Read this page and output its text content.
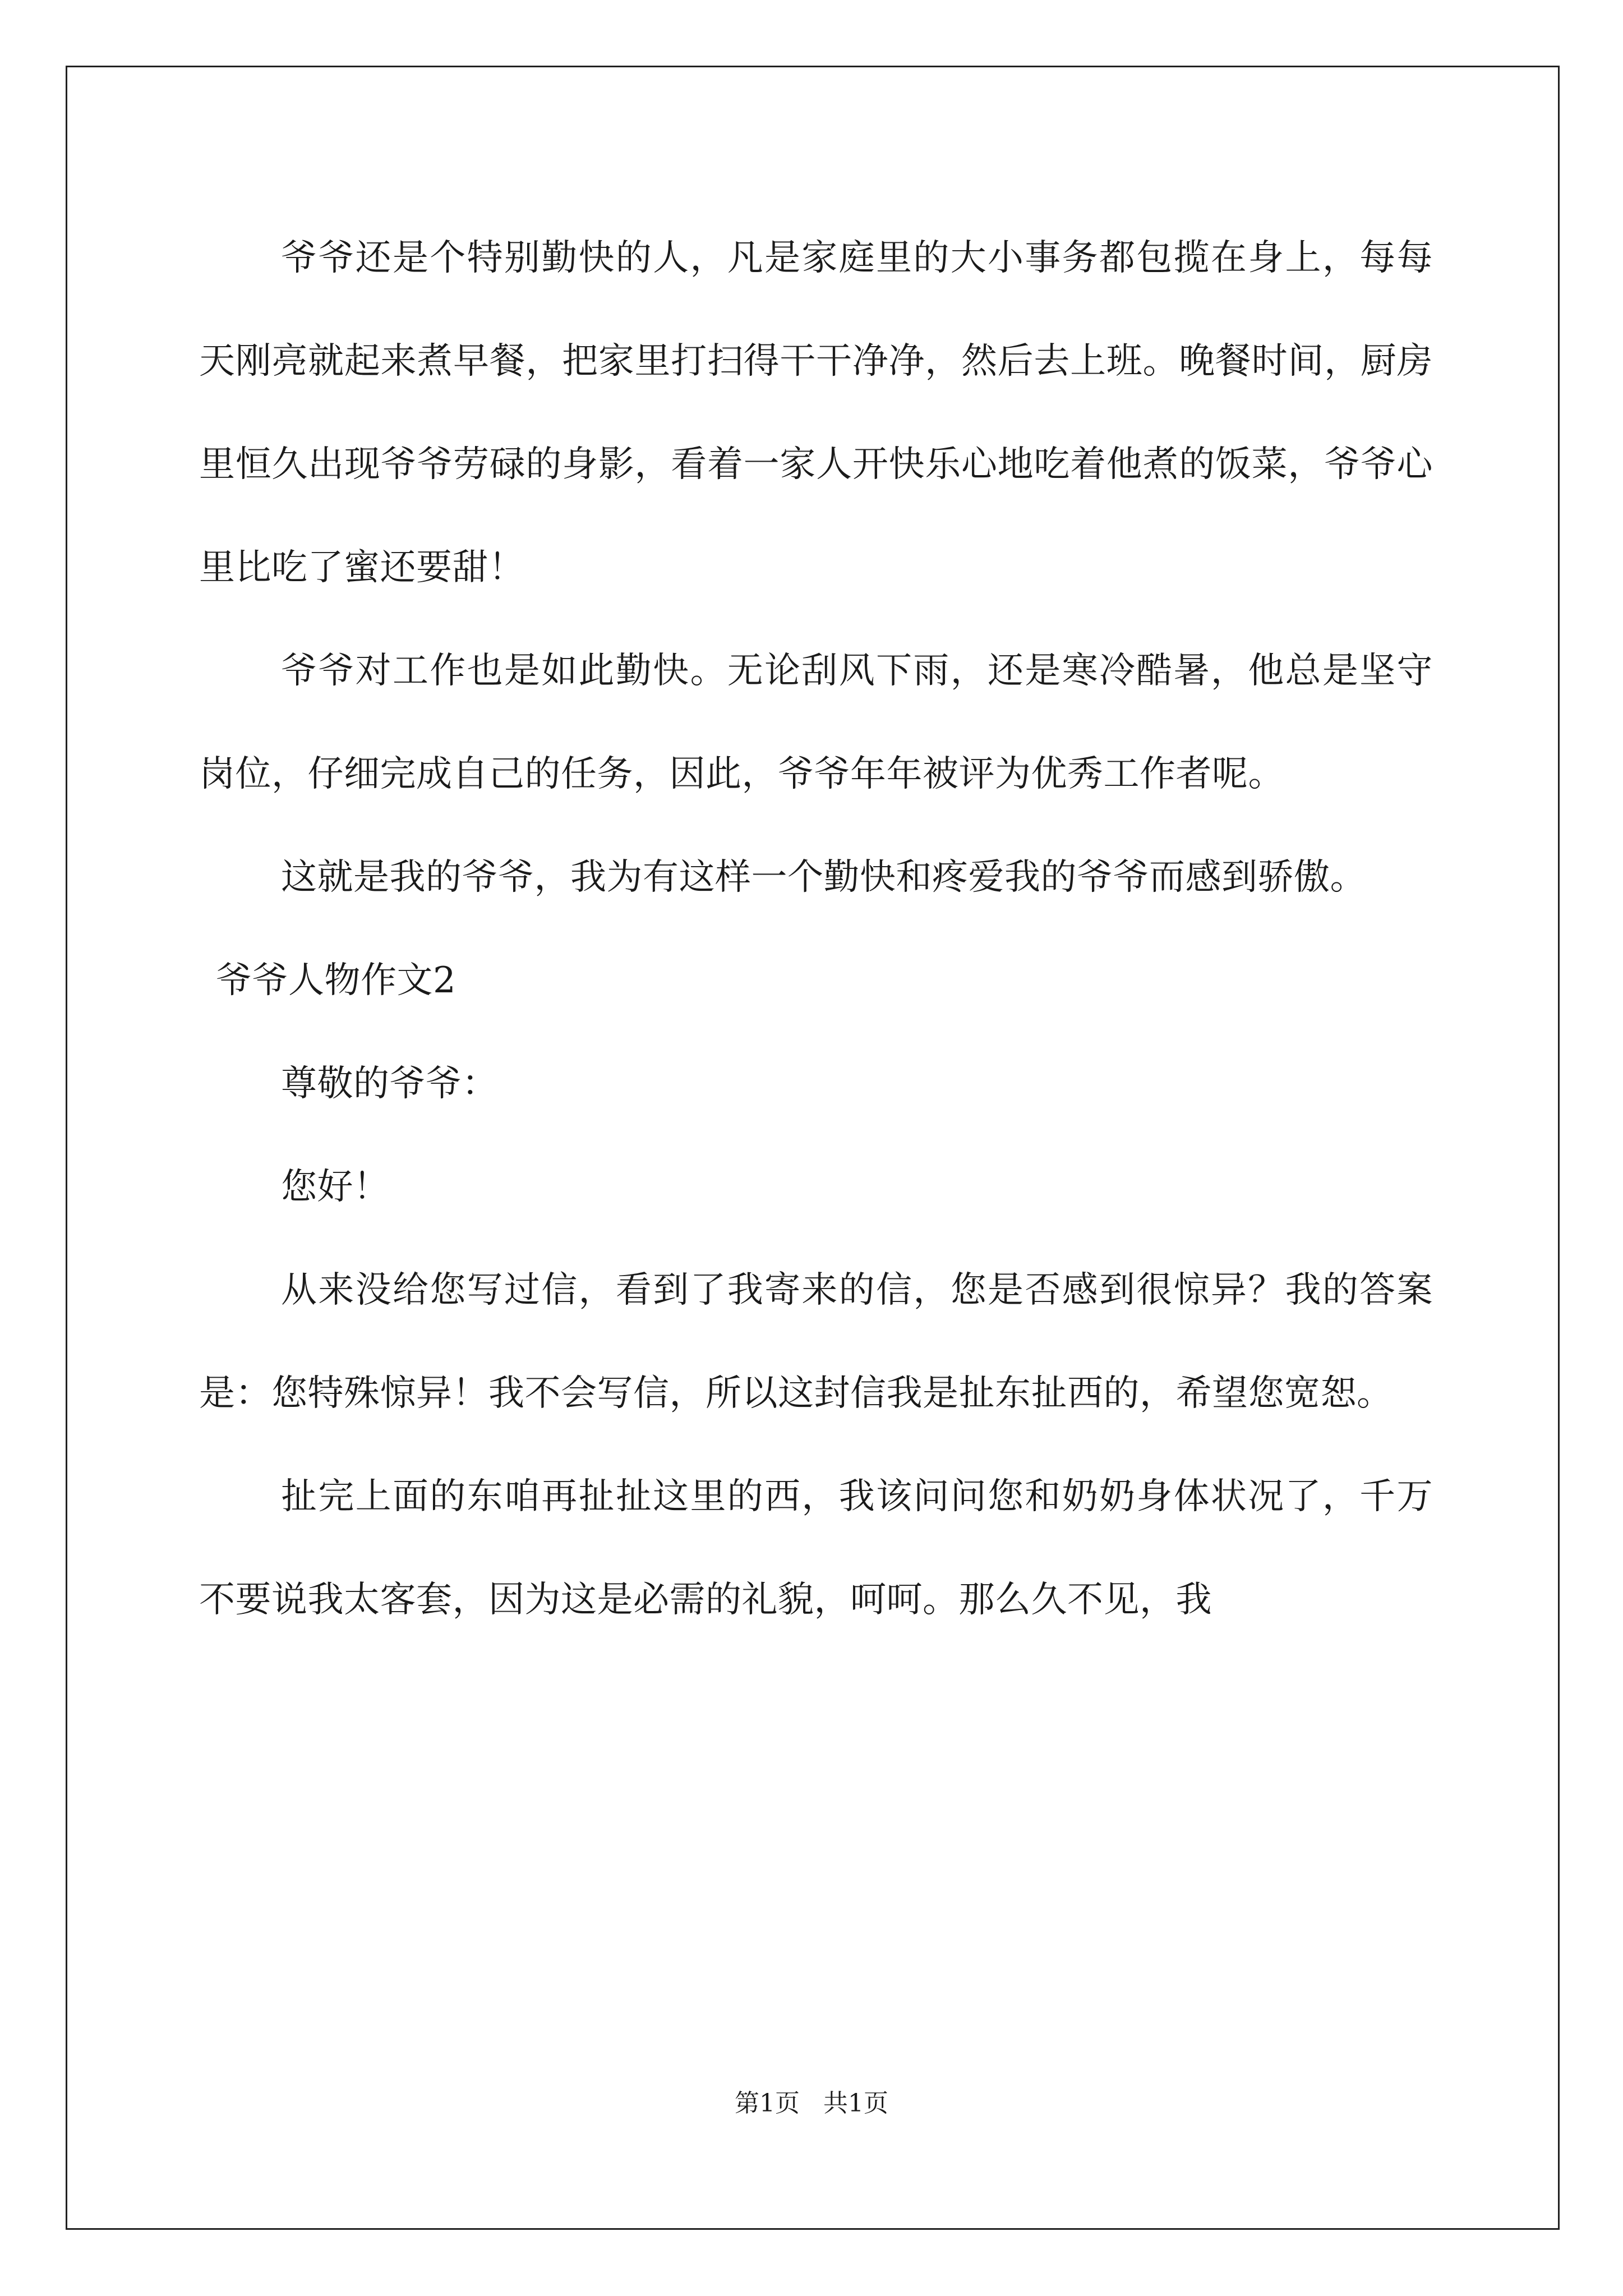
爷爷还是个特别勤快的人，凡是家庭里的大小事务都包揽在身上，每每天刚亮就起来煮早餐，把家里打扫得干干净净，然后去上班。晚餐时间，厨房里恒久出现爷爷劳碌的身影，看着一家人开快乐心地吃着他煮的饭菜，爷爷心里比吃了蜜还要甜！

爷爷对工作也是如此勤快。无论刮风下雨，还是寒冷酷暑，他总是坚守岗位，仔细完成自己的任务，因此，爷爷年年被评为优秀工作者呢。

这就是我的爷爷，我为有这样一个勤快和疼爱我的爷爷而感到骄傲。

爷爷人物作文2

尊敬的爷爷：

您好！

从来没给您写过信，看到了我寄来的信，您是否感到很惊异？我的答案是：您特殊惊异！我不会写信，所以这封信我是扯东扯西的，希望您宽恕。

扯完上面的东咱再扯扯这里的西，我该问问您和奶奶身体状况了，千万不要说我太客套，因为这是必需的礼貌，呵呵。那么久不见，我

第1页 共1页
